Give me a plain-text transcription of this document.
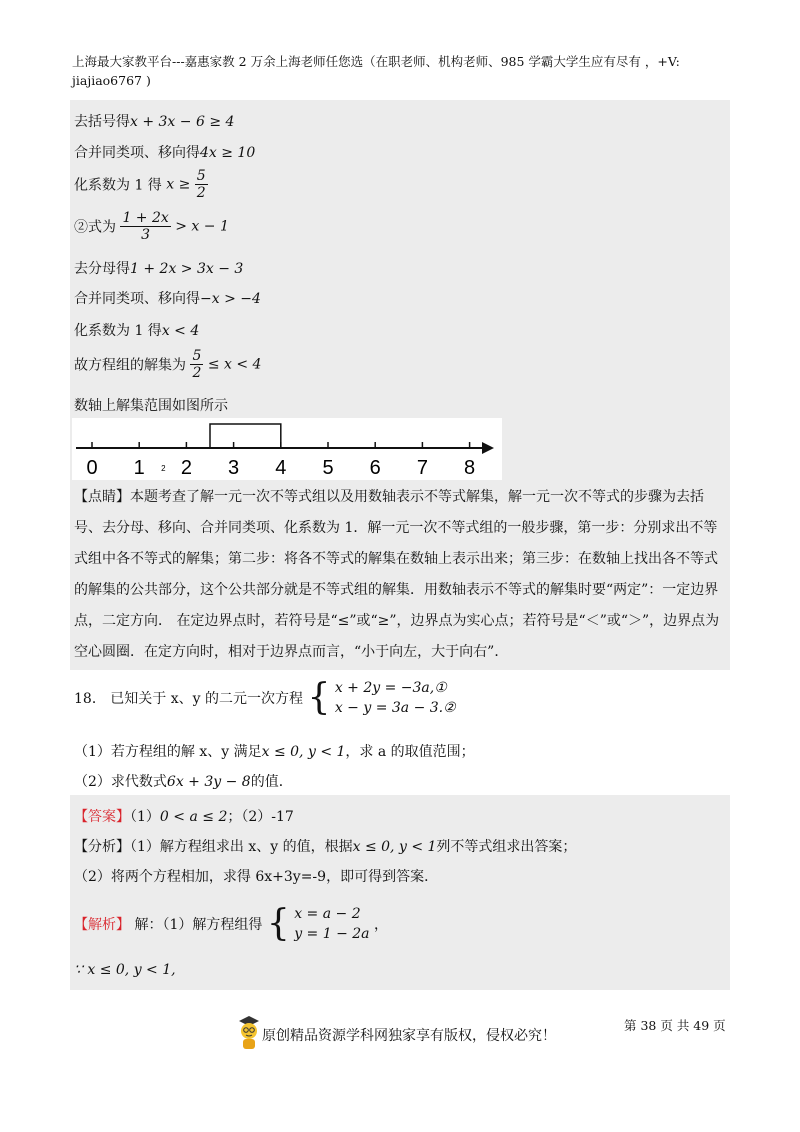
上海最大家教平台---嘉惠家教 2 万余上海老师任您选（在职老师、机构老师、985 学霸大学生应有尽有 ，+V:
jiajiao6767 )
去括号得x + 3x − 6 ≥ 4
合并同类项、移向得4x ≥ 10
化系数为 1 得 $x \ge \frac{5}{2}$
②式为 $\frac{1 + 2x}{3} > x - 1$
去分母得1 + 2x > 3x − 3
合并同类项、移向得−x > −4
化系数为 1 得x < 4
故方程组的解集为 $\frac{5}{2} \le x < 4$
数轴上解集范围如图所示
0 1 2 3 4 5 6 7 8
2
【点睛】本题考查了解一元一次不等式组以及用数轴表示不等式解集，解一元一次不等式的步骤为去括号、去分母、移向、合并同类项、化系数为 1．解一元一次不等式组的一般步骤，第一步：分别求出不等式组中各不等式的解集；第二步：将各不等式的解集在数轴上表示出来；第三步：在数轴上找出各不等式的解集的公共部分，这个公共部分就是不等式组的解集．用数轴表示不等式的解集时要“两定”：一定边界点，二定方向． 在定边界点时，若符号是“≤”或“≥”，边界点为实心点；若符号是“＜”或“＞”，边界点为空心圆圈．在定方向时，相对于边界点而言，“小于向左，大于向右”．
18． 已知关于 x、y 的二元一次方程 { x + 2y = −3a,①
x − y = 3a − 3.②
（1）若方程组的解 x、y 满足x ≤ 0, y < 1，求 a 的取值范围；
（2）求代数式6x + 3y − 8的值．
【答案】（1）0 < a ≤ 2；（2）-17
【分析】（1）解方程组求出 x、y 的值，根据x ≤ 0, y < 1列不等式组求出答案；
（2）将两个方程相加，求得 6x+3y=-9，即可得到答案．
【解析】 解：（1）解方程组得 { x = a − 2
y = 1 − 2a
，
∵ x ≤ 0, y < 1,
第 38 页 共 49 页
原创精品资源学科网独家享有版权，侵权必究！
